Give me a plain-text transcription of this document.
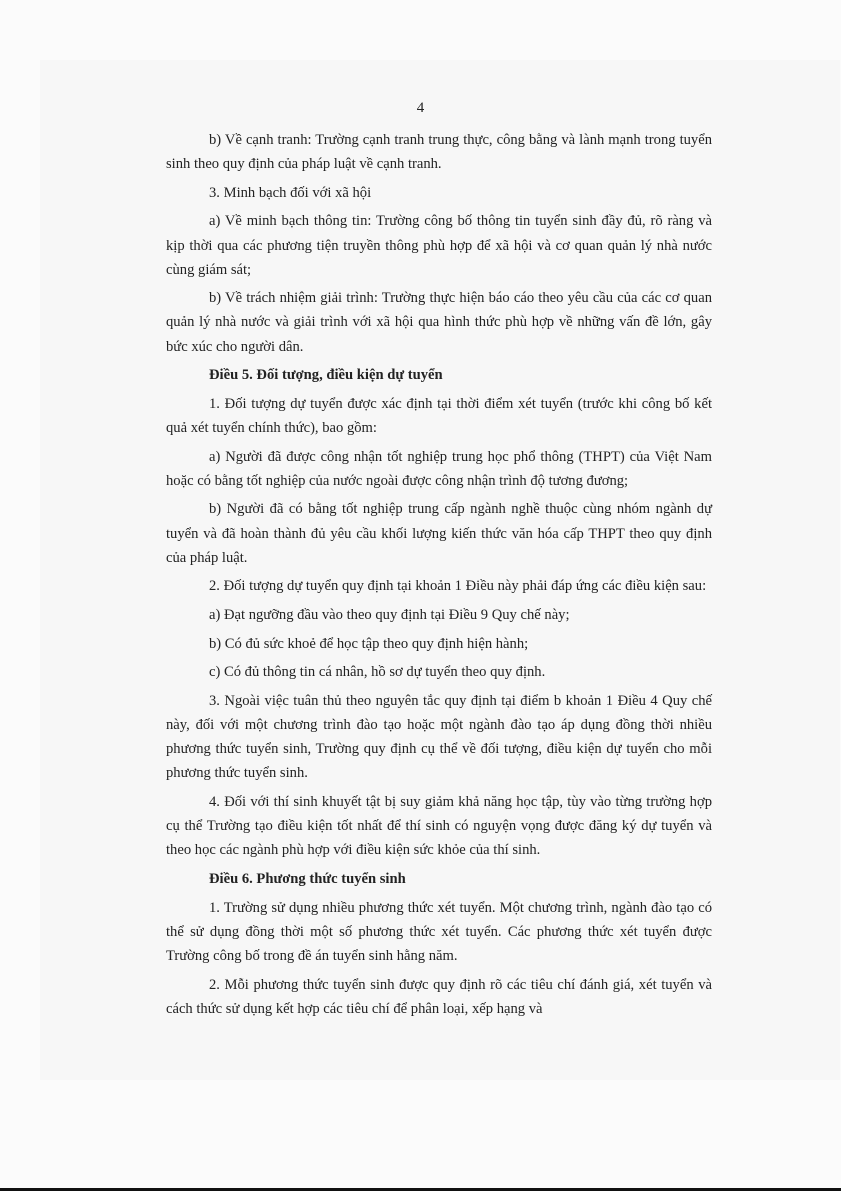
4

b) Về cạnh tranh: Trường cạnh tranh trung thực, công bằng và lành mạnh trong tuyển sinh theo quy định của pháp luật về cạnh tranh.

3. Minh bạch đối với xã hội

a) Về minh bạch thông tin: Trường công bố thông tin tuyển sinh đầy đủ, rõ ràng và kịp thời qua các phương tiện truyền thông phù hợp để xã hội và cơ quan quản lý nhà nước cùng giám sát;

b) Về trách nhiệm giải trình: Trường thực hiện báo cáo theo yêu cầu của các cơ quan quản lý nhà nước và giải trình với xã hội qua hình thức phù hợp về những vấn đề lớn, gây bức xúc cho người dân.

Điều 5. Đối tượng, điều kiện dự tuyển

1. Đối tượng dự tuyển được xác định tại thời điểm xét tuyển (trước khi công bố kết quả xét tuyển chính thức), bao gồm:

a) Người đã được công nhận tốt nghiệp trung học phổ thông (THPT) của Việt Nam hoặc có bằng tốt nghiệp của nước ngoài được công nhận trình độ tương đương;

b) Người đã có bằng tốt nghiệp trung cấp ngành nghề thuộc cùng nhóm ngành dự tuyển và đã hoàn thành đủ yêu cầu khối lượng kiến thức văn hóa cấp THPT theo quy định của pháp luật.

2. Đối tượng dự tuyển quy định tại khoản 1 Điều này phải đáp ứng các điều kiện sau:

a) Đạt ngưỡng đầu vào theo quy định tại Điều 9 Quy chế này;

b) Có đủ sức khoẻ để học tập theo quy định hiện hành;

c) Có đủ thông tin cá nhân, hồ sơ dự tuyển theo quy định.

3. Ngoài việc tuân thủ theo nguyên tắc quy định tại điểm b khoản 1 Điều 4 Quy chế này, đối với một chương trình đào tạo hoặc một ngành đào tạo áp dụng đồng thời nhiều phương thức tuyển sinh, Trường quy định cụ thể về đối tượng, điều kiện dự tuyển cho mỗi phương thức tuyển sinh.

4. Đối với thí sinh khuyết tật bị suy giảm khả năng học tập, tùy vào từng trường hợp cụ thể Trường tạo điều kiện tốt nhất để thí sinh có nguyện vọng được đăng ký dự tuyển và theo học các ngành phù hợp với điều kiện sức khỏe của thí sinh.

Điều 6. Phương thức tuyển sinh

1. Trường sử dụng nhiều phương thức xét tuyển. Một chương trình, ngành đào tạo có thể sử dụng đồng thời một số phương thức xét tuyển. Các phương thức xét tuyển được Trường công bố trong đề án tuyển sinh hằng năm.

2. Mỗi phương thức tuyển sinh được quy định rõ các tiêu chí đánh giá, xét tuyển và cách thức sử dụng kết hợp các tiêu chí để phân loại, xếp hạng và
